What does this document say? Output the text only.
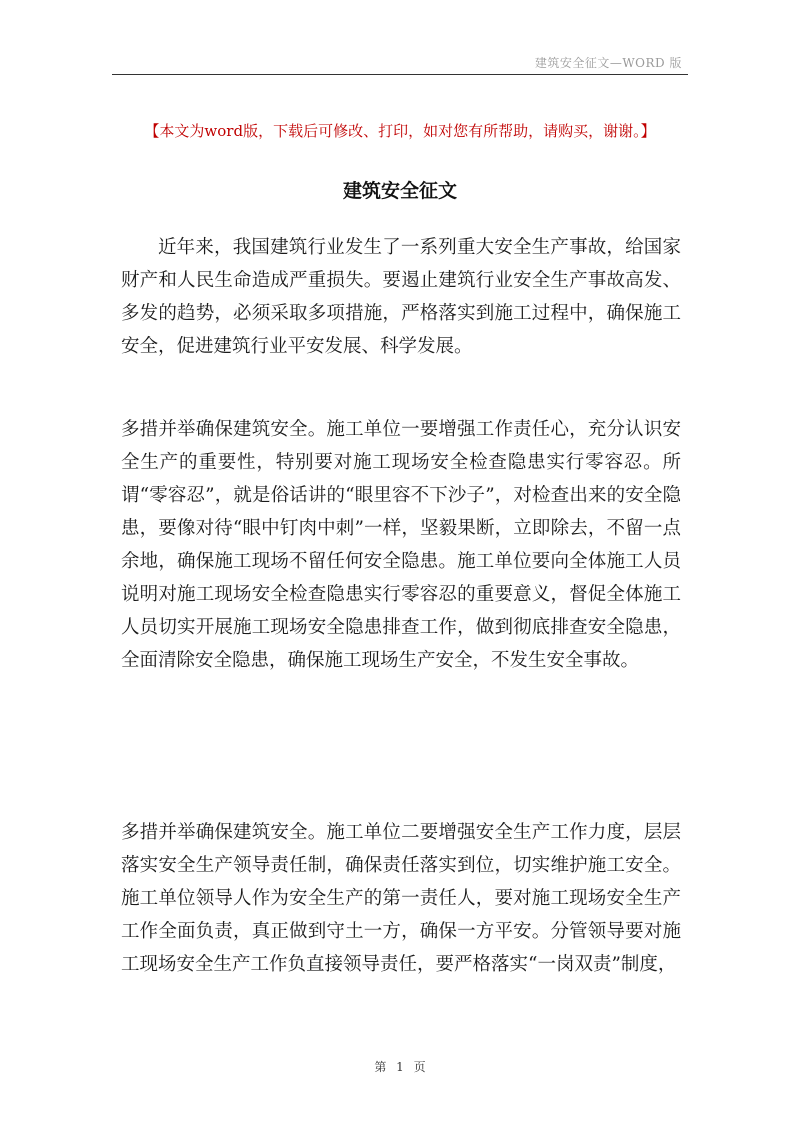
建筑安全征文—WORD 版
【本文为word版，下载后可修改、打印，如对您有所帮助，请购买，谢谢。】
建筑安全征文

近年来，我国建筑行业发生了一系列重大安全生产事故，给国家财产和人民生命造成严重损失。要遏止建筑行业安全生产事故高发、多发的趋势，必须采取多项措施，严格落实到施工过程中，确保施工安全，促进建筑行业平安发展、科学发展。

多措并举确保建筑安全。施工单位一要增强工作责任心，充分认识安全生产的重要性，特别要对施工现场安全检查隐患实行零容忍。所谓“零容忍”，就是俗话讲的“眼里容不下沙子”，对检查出来的安全隐患，要像对待“眼中钉肉中刺”一样，坚毅果断，立即除去，不留一点余地，确保施工现场不留任何安全隐患。施工单位要向全体施工人员说明对施工现场安全检查隐患实行零容忍的重要意义，督促全体施工人员切实开展施工现场安全隐患排查工作，做到彻底排查安全隐患，全面清除安全隐患，确保施工现场生产安全，不发生安全事故。

多措并举确保建筑安全。施工单位二要增强安全生产工作力度，层层落实安全生产领导责任制，确保责任落实到位，切实维护施工安全。施工单位领导人作为安全生产的第一责任人，要对施工现场安全生产工作全面负责，真正做到守土一方，确保一方平安。分管领导要对施工现场安全生产工作负直接领导责任，要严格落实“一岗双责”制度，

第 1 页
